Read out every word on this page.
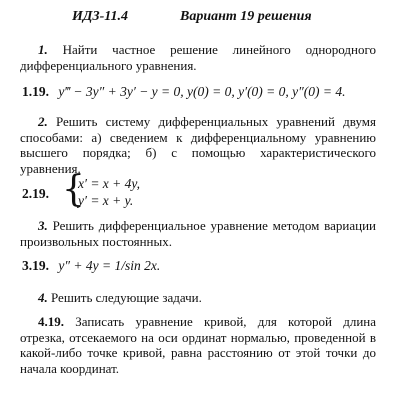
ИДЗ-11.4	Вариант 19 решения
1. Найти частное решение линейного однородного дифференциального уравнения.
1.19. y‴ − 3y″ + 3y′ − y = 0, y(0) = 0, y′(0) = 0, y″(0) = 4.
2. Решить систему дифференциальных уравнений двумя способами: а) сведением к дифференциальному уравнению высшего порядка; б) с помощью характеристического уравнения.
2.19. {
x′ = x + 4y,
y′ = x + y.
3. Решить дифференциальное уравнение методом вариации произвольных постоянных.
3.19. y″ + 4y = 1/sin 2x.
4. Решить следующие задачи.
4.19. Записать уравнение кривой, для которой длина отрезка, отсекаемого на оси ординат нормалью, проведенной в какой-либо точке кривой, равна расстоянию от этой точки до начала координат.
